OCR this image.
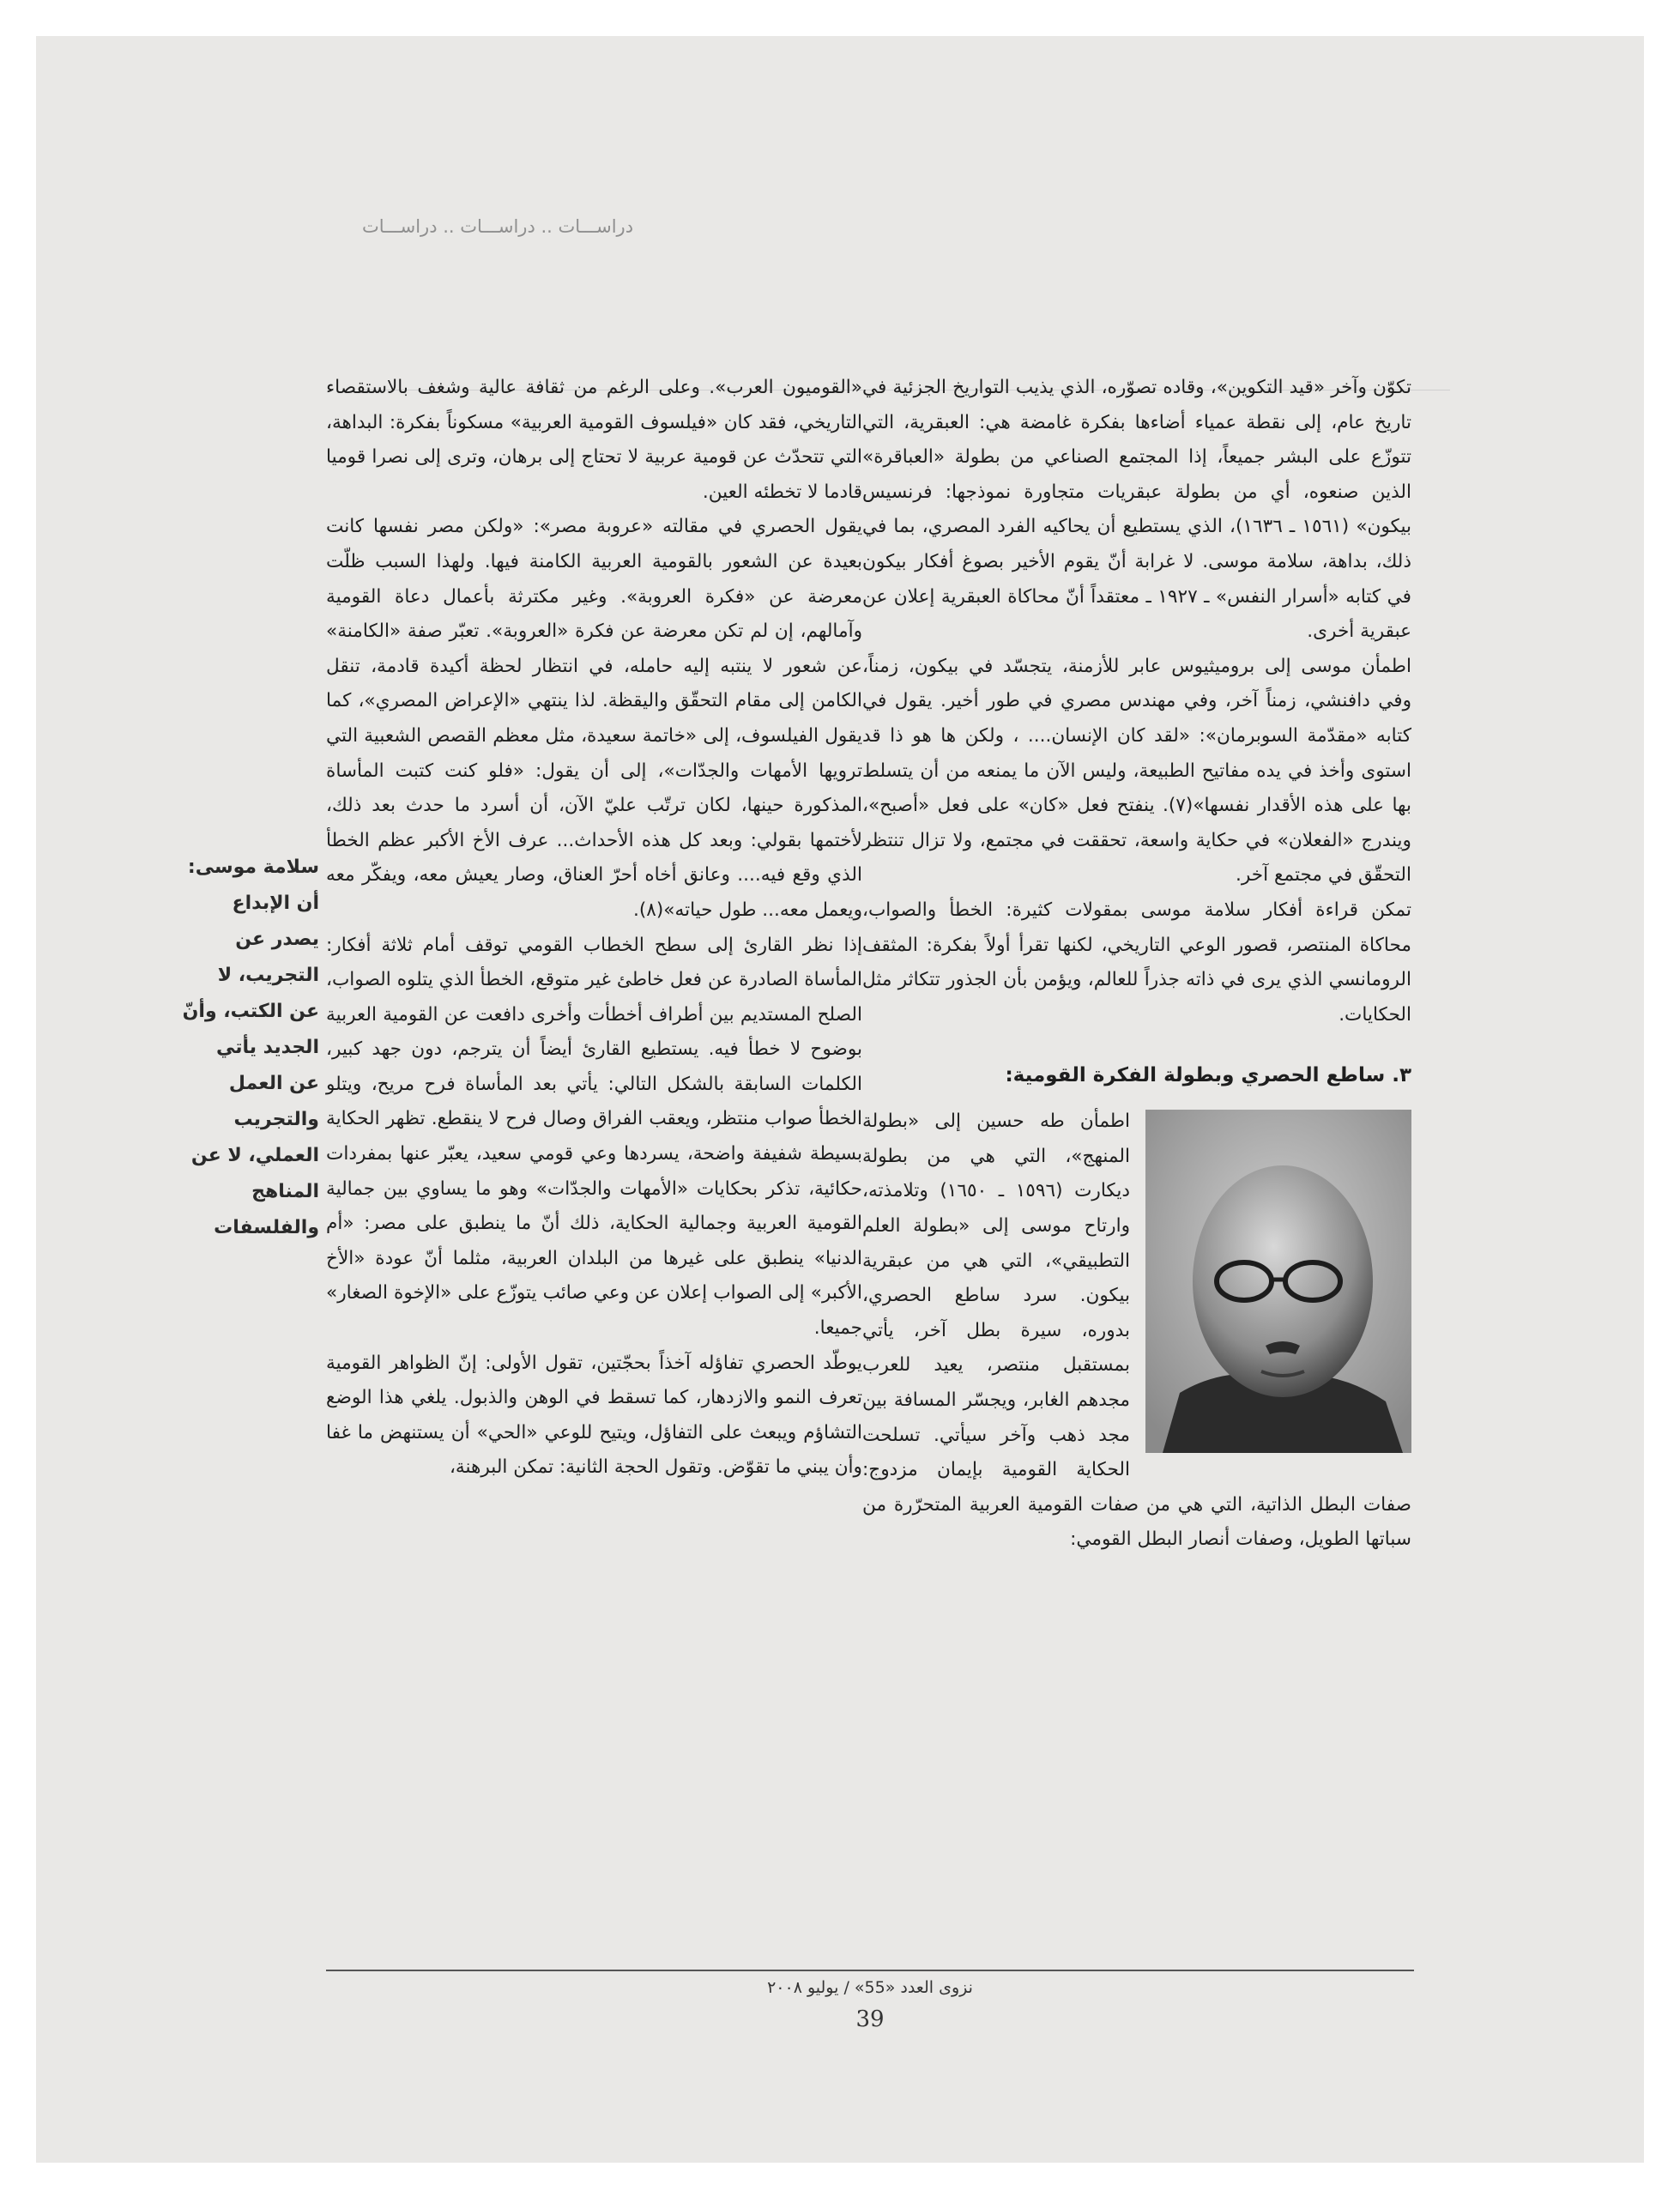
دراســـات .. دراســـات .. دراســـات

تكوّن وآخر «قيد التكوين»، وقاده تصوّره، الذي يذيب التواريخ الجزئية في تاريخ عام، إلى نقطة عمياء أضاءها بفكرة غامضة هي: العبقرية، التي تتوزّع على البشر جميعاً، إذا المجتمع الصناعي من بطولة «العباقرة» الذين صنعوه، أي من بطولة عبقريات متجاورة نموذجها: فرنسيس بيكون» (١٥٦١ ـ ١٦٣٦)، الذي يستطيع أن يحاكيه الفرد المصري، بما في ذلك، بداهة، سلامة موسى. لا غرابة أنّ يقوم الأخير بصوغ أفكار بيكون في كتابه «أسرار النفس» ـ ١٩٢٧ ـ معتقداً أنّ محاكاة العبقرية إعلان عن عبقرية أخرى.

اطمأن موسى إلى بروميثيوس عابر للأزمنة، يتجسّد في بيكون، زمناً، وفي دافنشي، زمناً آخر، وفي مهندس مصري في طور أخير. يقول في كتابه «مقدّمة السوبرمان»: «لقد كان الإنسان.... ، ولكن ها هو ذا قد استوى وأخذ في يده مفاتيح الطبيعة، وليس الآن ما يمنعه من أن يتسلط بها على هذه الأقدار نفسها»(٧). ينفتح فعل «كان» على فعل «أصبح»، ويندرج «الفعلان» في حكاية واسعة، تحققت في مجتمع، ولا تزال تنتظر التحقّق في مجتمع آخر.

تمكن قراءة أفكار سلامة موسى بمقولات كثيرة: الخطأ والصواب، محاكاة المنتصر، قصور الوعي التاريخي، لكنها تقرأ أولاً بفكرة: المثقف الرومانسي الذي يرى في ذاته جذراً للعالم، ويؤمن بأن الجذور تتكاثر مثل الحكايات.

٣. ساطع الحصري وبطولة الفكرة القومية:

اطمأن طه حسين إلى «بطولة المنهج»، التي هي من بطولة ديكارت (١٥٩٦ ـ ١٦٥٠) وتلامذته، وارتاح موسى إلى «بطولة العلم التطبيقي»، التي هي من عبقرية بيكون. سرد ساطع الحصري، بدوره، سيرة بطل آخر، يأتي بمستقبل منتصر، يعيد للعرب مجدهم الغابر، ويجسّر المسافة بين مجد ذهب وآخر سيأتي. تسلحت الحكاية القومية بإيمان مزدوج: صفات البطل الذاتية، التي هي من صفات القومية العربية المتحرّرة من سباتها الطويل، وصفات أنصار البطل القومي:

«القوميون العرب». وعلى الرغم من ثقافة عالية وشغف بالاستقصاء التاريخي، فقد كان «فيلسوف القومية العربية» مسكوناً بفكرة: البداهة، التي تتحدّث عن قومية عربية لا تحتاج إلى برهان، وترى إلى نصرا قوميا قادما لا تخطئه العين.

يقول الحصري في مقالته «عروبة مصر»: «ولكن مصر نفسها كانت بعيدة عن الشعور بالقومية العربية الكامنة فيها. ولهذا السبب ظلّت معرضة عن «فكرة العروبة». وغير مكترثة بأعمال دعاة القومية وآمالهم، إن لم تكن معرضة عن فكرة «العروبة». تعبّر صفة «الكامنة» عن شعور لا ينتبه إليه حامله، في انتظار لحظة أكيدة قادمة، تنقل الكامن إلى مقام التحقّق واليقظة. لذا ينتهي «الإعراض المصري»، كما يقول الفيلسوف، إلى «خاتمة سعيدة، مثل معظم القصص الشعبية التي ترويها الأمهات والجدّات»، إلى أن يقول: «فلو كنت كتبت المأساة المذكورة حينها، لكان ترتّب عليّ الآن، أن أسرد ما حدث بعد ذلك، لأختمها بقولي: وبعد كل هذه الأحداث... عرف الأخ الأكبر عظم الخطأ الذي وقع فيه.... وعانق أخاه أحرّ العناق، وصار يعيش معه، ويفكّر معه ويعمل معه... طول حياته»(٨).

إذا نظر القارئ إلى سطح الخطاب القومي توقف أمام ثلاثة أفكار: المأساة الصادرة عن فعل خاطئ غير متوقع، الخطأ الذي يتلوه الصواب، الصلح المستديم بين أطراف أخطأت وأخرى دافعت عن القومية العربية بوضوح لا خطأ فيه. يستطيع القارئ أيضاً أن يترجم، دون جهد كبير، الكلمات السابقة بالشكل التالي: يأتي بعد المأساة فرح مريح، ويتلو الخطأ صواب منتظر، ويعقب الفراق وصال فرح لا ينقطع. تظهر الحكاية بسيطة شفيفة واضحة، يسردها وعي قومي سعيد، يعبّر عنها بمفردات حكائية، تذكر بحكايات «الأمهات والجدّات» وهو ما يساوي بين جمالية القومية العربية وجمالية الحكاية، ذلك أنّ ما ينطبق على مصر: «أم الدنيا» ينطبق على غيرها من البلدان العربية، مثلما أنّ عودة «الأخ الأكبر» إلى الصواب إعلان عن وعي صائب يتوزّع على «الإخوة الصغار» جميعا.

يوطّد الحصري تفاؤله آخذاً بحجّتين، تقول الأولى: إنّ الظواهر القومية تعرف النمو والازدهار، كما تسقط في الوهن والذبول. يلغي هذا الوضع التشاؤم ويبعث على التفاؤل، ويتيح للوعي «الحي» أن يستنهض ما غفا وأن يبني ما تقوّض. وتقول الحجة الثانية: تمكن البرهنة،

سلامة موسى: أن الإبداع يصدر عن التجريب، لا عن الكتب، وأنّ الجديد يأتي عن العمل والتجريب العملي، لا عن المناهج والفلسفات
نزوى العدد «55» / يوليو ٢٠٠٨
39
